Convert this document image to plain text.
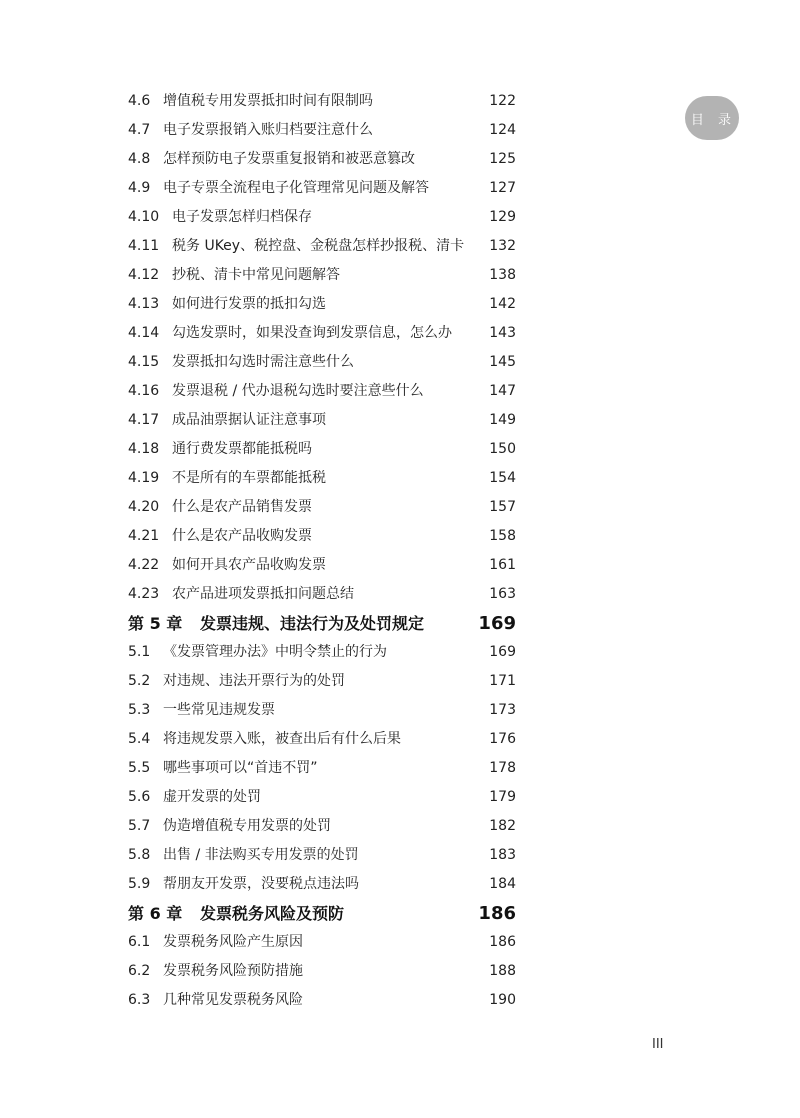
目 录
4.6 增值税专用发票抵扣时间有限制吗	122
4.7 电子发票报销入账归档要注意什么	124
4.8 怎样预防电子发票重复报销和被恶意篡改	125
4.9 电子专票全流程电子化管理常见问题及解答	127
4.10 电子发票怎样归档保存	129
4.11 税务 UKey、税控盘、金税盘怎样抄报税、清卡 132
4.12 抄税、清卡中常见问题解答	138
4.13 如何进行发票的抵扣勾选	142
4.14 勾选发票时，如果没查询到发票信息，怎么办	143
4.15 发票抵扣勾选时需注意些什么	145
4.16 发票退税 / 代办退税勾选时要注意些什么	147
4.17 成品油票据认证注意事项	149
4.18 通行费发票都能抵税吗	150
4.19 不是所有的车票都能抵税	154
4.20 什么是农产品销售发票	157
4.21 什么是农产品收购发票	158
4.22 如何开具农产品收购发票	161
4.23 农产品进项发票抵扣问题总结	163
第 5 章 发票违规、违法行为及处罚规定	169
5.1 《发票管理办法》中明令禁止的行为	169
5.2 对违规、违法开票行为的处罚	171
5.3 一些常见违规发票	173
5.4 将违规发票入账，被查出后有什么后果	176
5.5 哪些事项可以“首违不罚”	178
5.6 虚开发票的处罚	179
5.7 伪造增值税专用发票的处罚	182
5.8 出售 / 非法购买专用发票的处罚	183
5.9 帮朋友开发票，没要税点违法吗	184
第 6 章 发票税务风险及预防	186
6.1 发票税务风险产生原因	186
6.2 发票税务风险预防措施	188
6.3 几种常见发票税务风险	190
III
